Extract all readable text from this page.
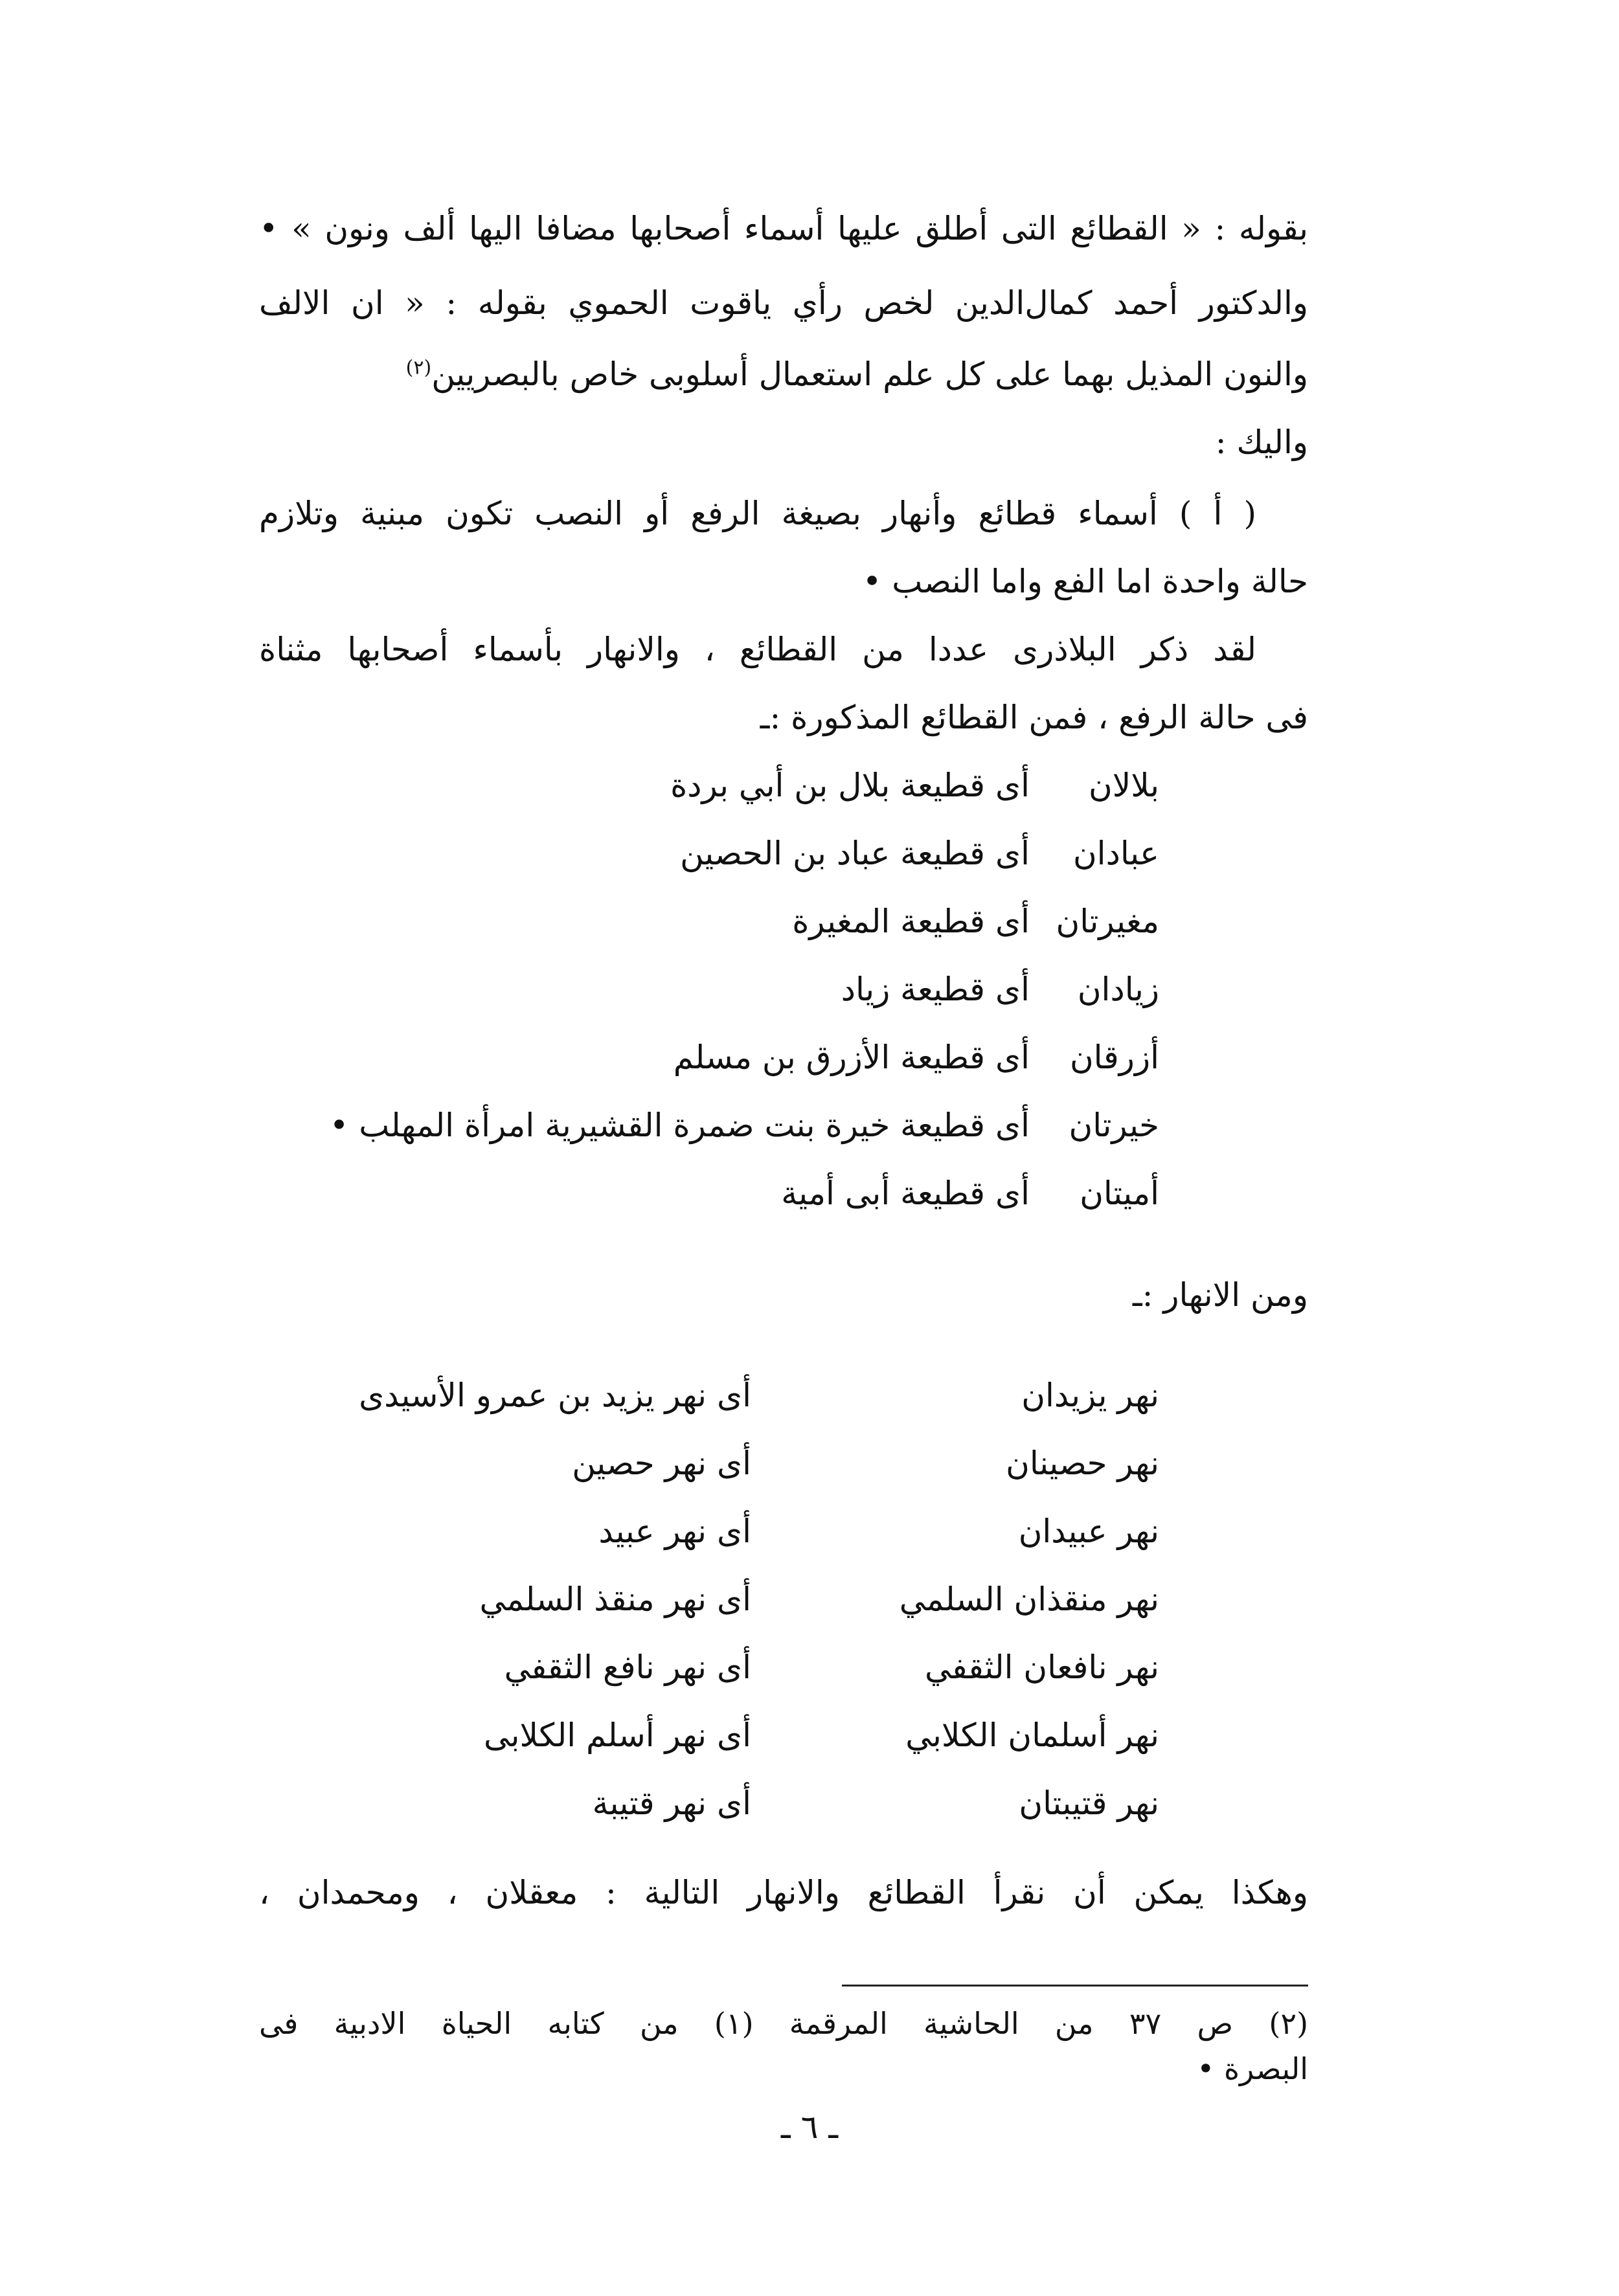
بقوله : « القطائع التى أطلق عليها أسماء أصحابها مضافا اليها ألف ونون » •
والدكتور أحمد كمال‌الدين لخص رأي ياقوت الحموي بقوله : « ان الالف
والنون المذيل بهما على كل علم استعمال أسلوبى خاص بالبصريين$^{(٢)}$
واليك :
( أ ) أسماء قطائع وأنهار بصيغة الرفع أو النصب تكون مبنية وتلازم
حالة واحدة اما الفع واما النصب •
لقد ذكر البلاذرى عددا من القطائع ، والانهار بأسماء أصحابها مثناة
فى حالة الرفع ، فمن القطائع المذكورة :ـ
بلالان
أى قطيعة بلال بن أبي بردة
عبادان
أى قطيعة عباد بن الحصين
مغيرتان
أى قطيعة المغيرة
زيادان
أى قطيعة زياد
أزرقان
أى قطيعة الأزرق بن مسلم
خيرتان
أى قطيعة خيرة بنت ضمرة القشيرية امرأة المهلب •
أميتان
أى قطيعة أبى أمية
ومن الانهار :ـ
نهر يزيدان
أى نهر يزيد بن عمرو الأسيدى
نهر حصينان
أى نهر حصين
نهر عبيدان
أى نهر عبيد
نهر منقذان السلمي
أى نهر منقذ السلمي
نهر نافعان الثقفي
أى نهر نافع الثقفي
نهر أسلمان الكلابي
أى نهر أسلم الكلابى
نهر قتيبتان
أى نهر قتيبة
وهكذا يمكن أن نقرأ القطائع والانهار التالية : معقلان ، ومحمدان ،
(٢) ص ٣٧ من الحاشية المرقمة (١) من كتابه الحياة الادبية فى
البصرة •
ـ ٦ ـ
